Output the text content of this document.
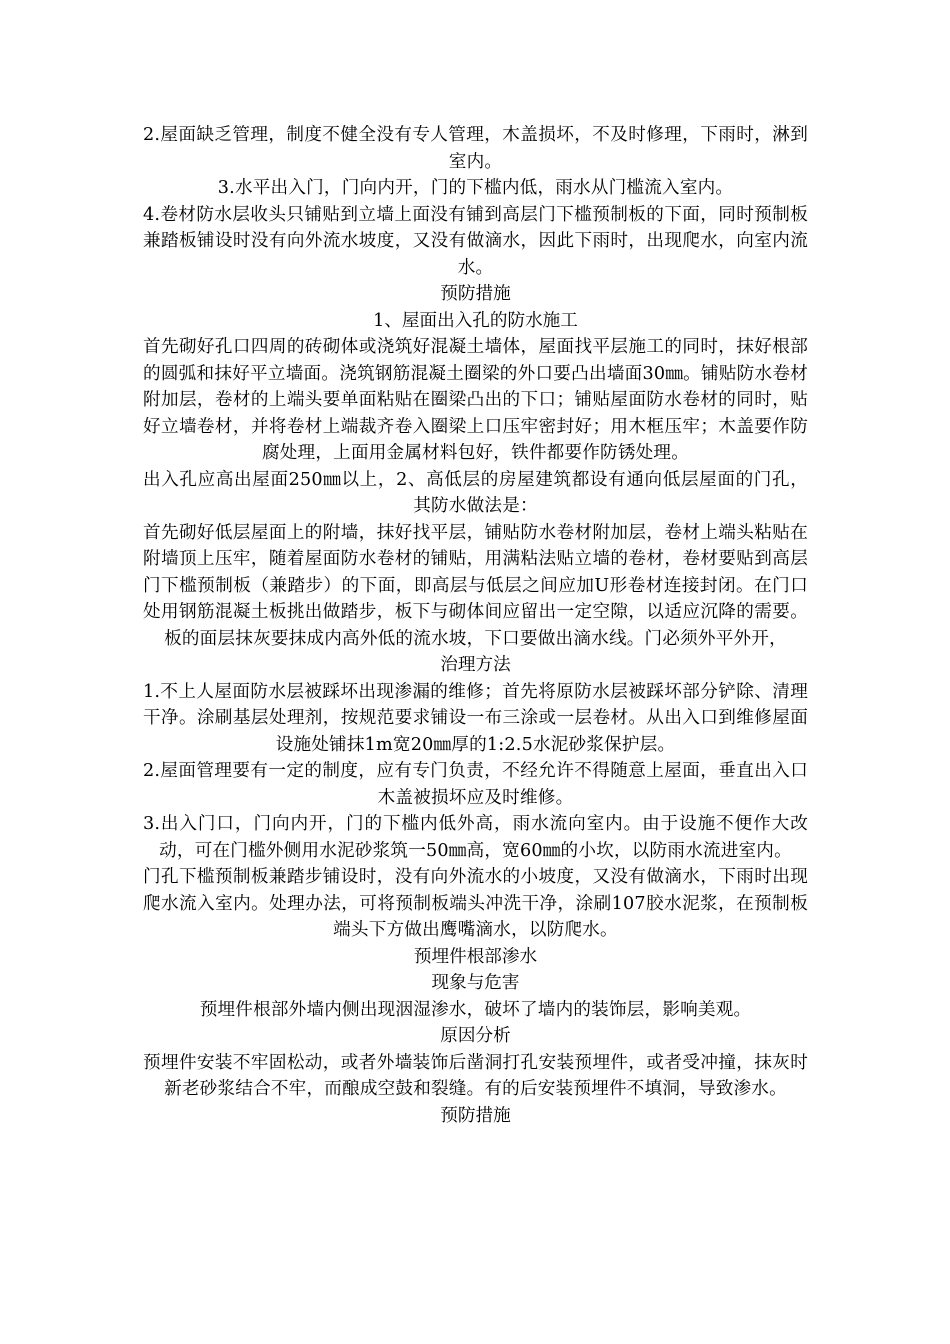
2.屋面缺乏管理，制度不健全没有专人管理，木盖损坏，不及时修理，下雨时，淋到室内。

3.水平出入门，门向内开，门的下槛内低，雨水从门槛流入室内。

4.卷材防水层收头只铺贴到立墙上面没有铺到高层门下槛预制板的下面，同时预制板兼踏板铺设时没有向外流水坡度，又没有做滴水，因此下雨时，出现爬水，向室内流水。

预防措施

1、屋面出入孔的防水施工

首先砌好孔口四周的砖砌体或浇筑好混凝土墙体，屋面找平层施工的同时，抹好根部的圆弧和抹好平立墙面。浇筑钢筋混凝土圈梁的外口要凸出墙面30㎜。铺贴防水卷材附加层，卷材的上端头要单面粘贴在圈梁凸出的下口；铺贴屋面防水卷材的同时，贴好立墙卷材，并将卷材上端裁齐卷入圈梁上口压牢密封好；用木框压牢；木盖要作防腐处理，上面用金属材料包好，铁件都要作防锈处理。

出入孔应高出屋面250㎜以上，2、高低层的房屋建筑都设有通向低层屋面的门孔，其防水做法是：

首先砌好低层屋面上的附墙，抹好找平层，铺贴防水卷材附加层，卷材上端头粘贴在附墙顶上压牢，随着屋面防水卷材的铺贴，用满粘法贴立墙的卷材，卷材要贴到高层门下槛预制板（兼踏步）的下面，即高层与低层之间应加U形卷材连接封闭。在门口处用钢筋混凝土板挑出做踏步，板下与砌体间应留出一定空隙，以适应沉降的需要。板的面层抹灰要抹成内高外低的流水坡，下口要做出滴水线。门必须外平外开，

治理方法

1.不上人屋面防水层被踩坏出现渗漏的维修；首先将原防水层被踩坏部分铲除、清理干净。涂刷基层处理剂，按规范要求铺设一布三涂或一层卷材。从出入口到维修屋面设施处铺抹1m宽20㎜厚的1:2.5水泥砂浆保护层。

2.屋面管理要有一定的制度，应有专门负责，不经允许不得随意上屋面，垂直出入口木盖被损坏应及时维修。

3.出入门口，门向内开，门的下槛内低外高，雨水流向室内。由于设施不便作大改动，可在门槛外侧用水泥砂浆筑一50㎜高，宽60㎜的小坎，以防雨水流进室内。

门孔下槛预制板兼踏步铺设时，没有向外流水的小坡度，又没有做滴水，下雨时出现爬水流入室内。处理办法，可将预制板端头冲洗干净，涂刷107胶水泥浆，在预制板端头下方做出鹰嘴滴水，以防爬水。

预埋件根部渗水

现象与危害

预埋件根部外墙内侧出现洇湿渗水，破坏了墙内的装饰层，影响美观。

原因分析

预埋件安装不牢固松动，或者外墙装饰后凿洞打孔安装预埋件，或者受冲撞，抹灰时新老砂浆结合不牢，而酿成空鼓和裂缝。有的后安装预埋件不填洞，导致渗水。

预防措施
